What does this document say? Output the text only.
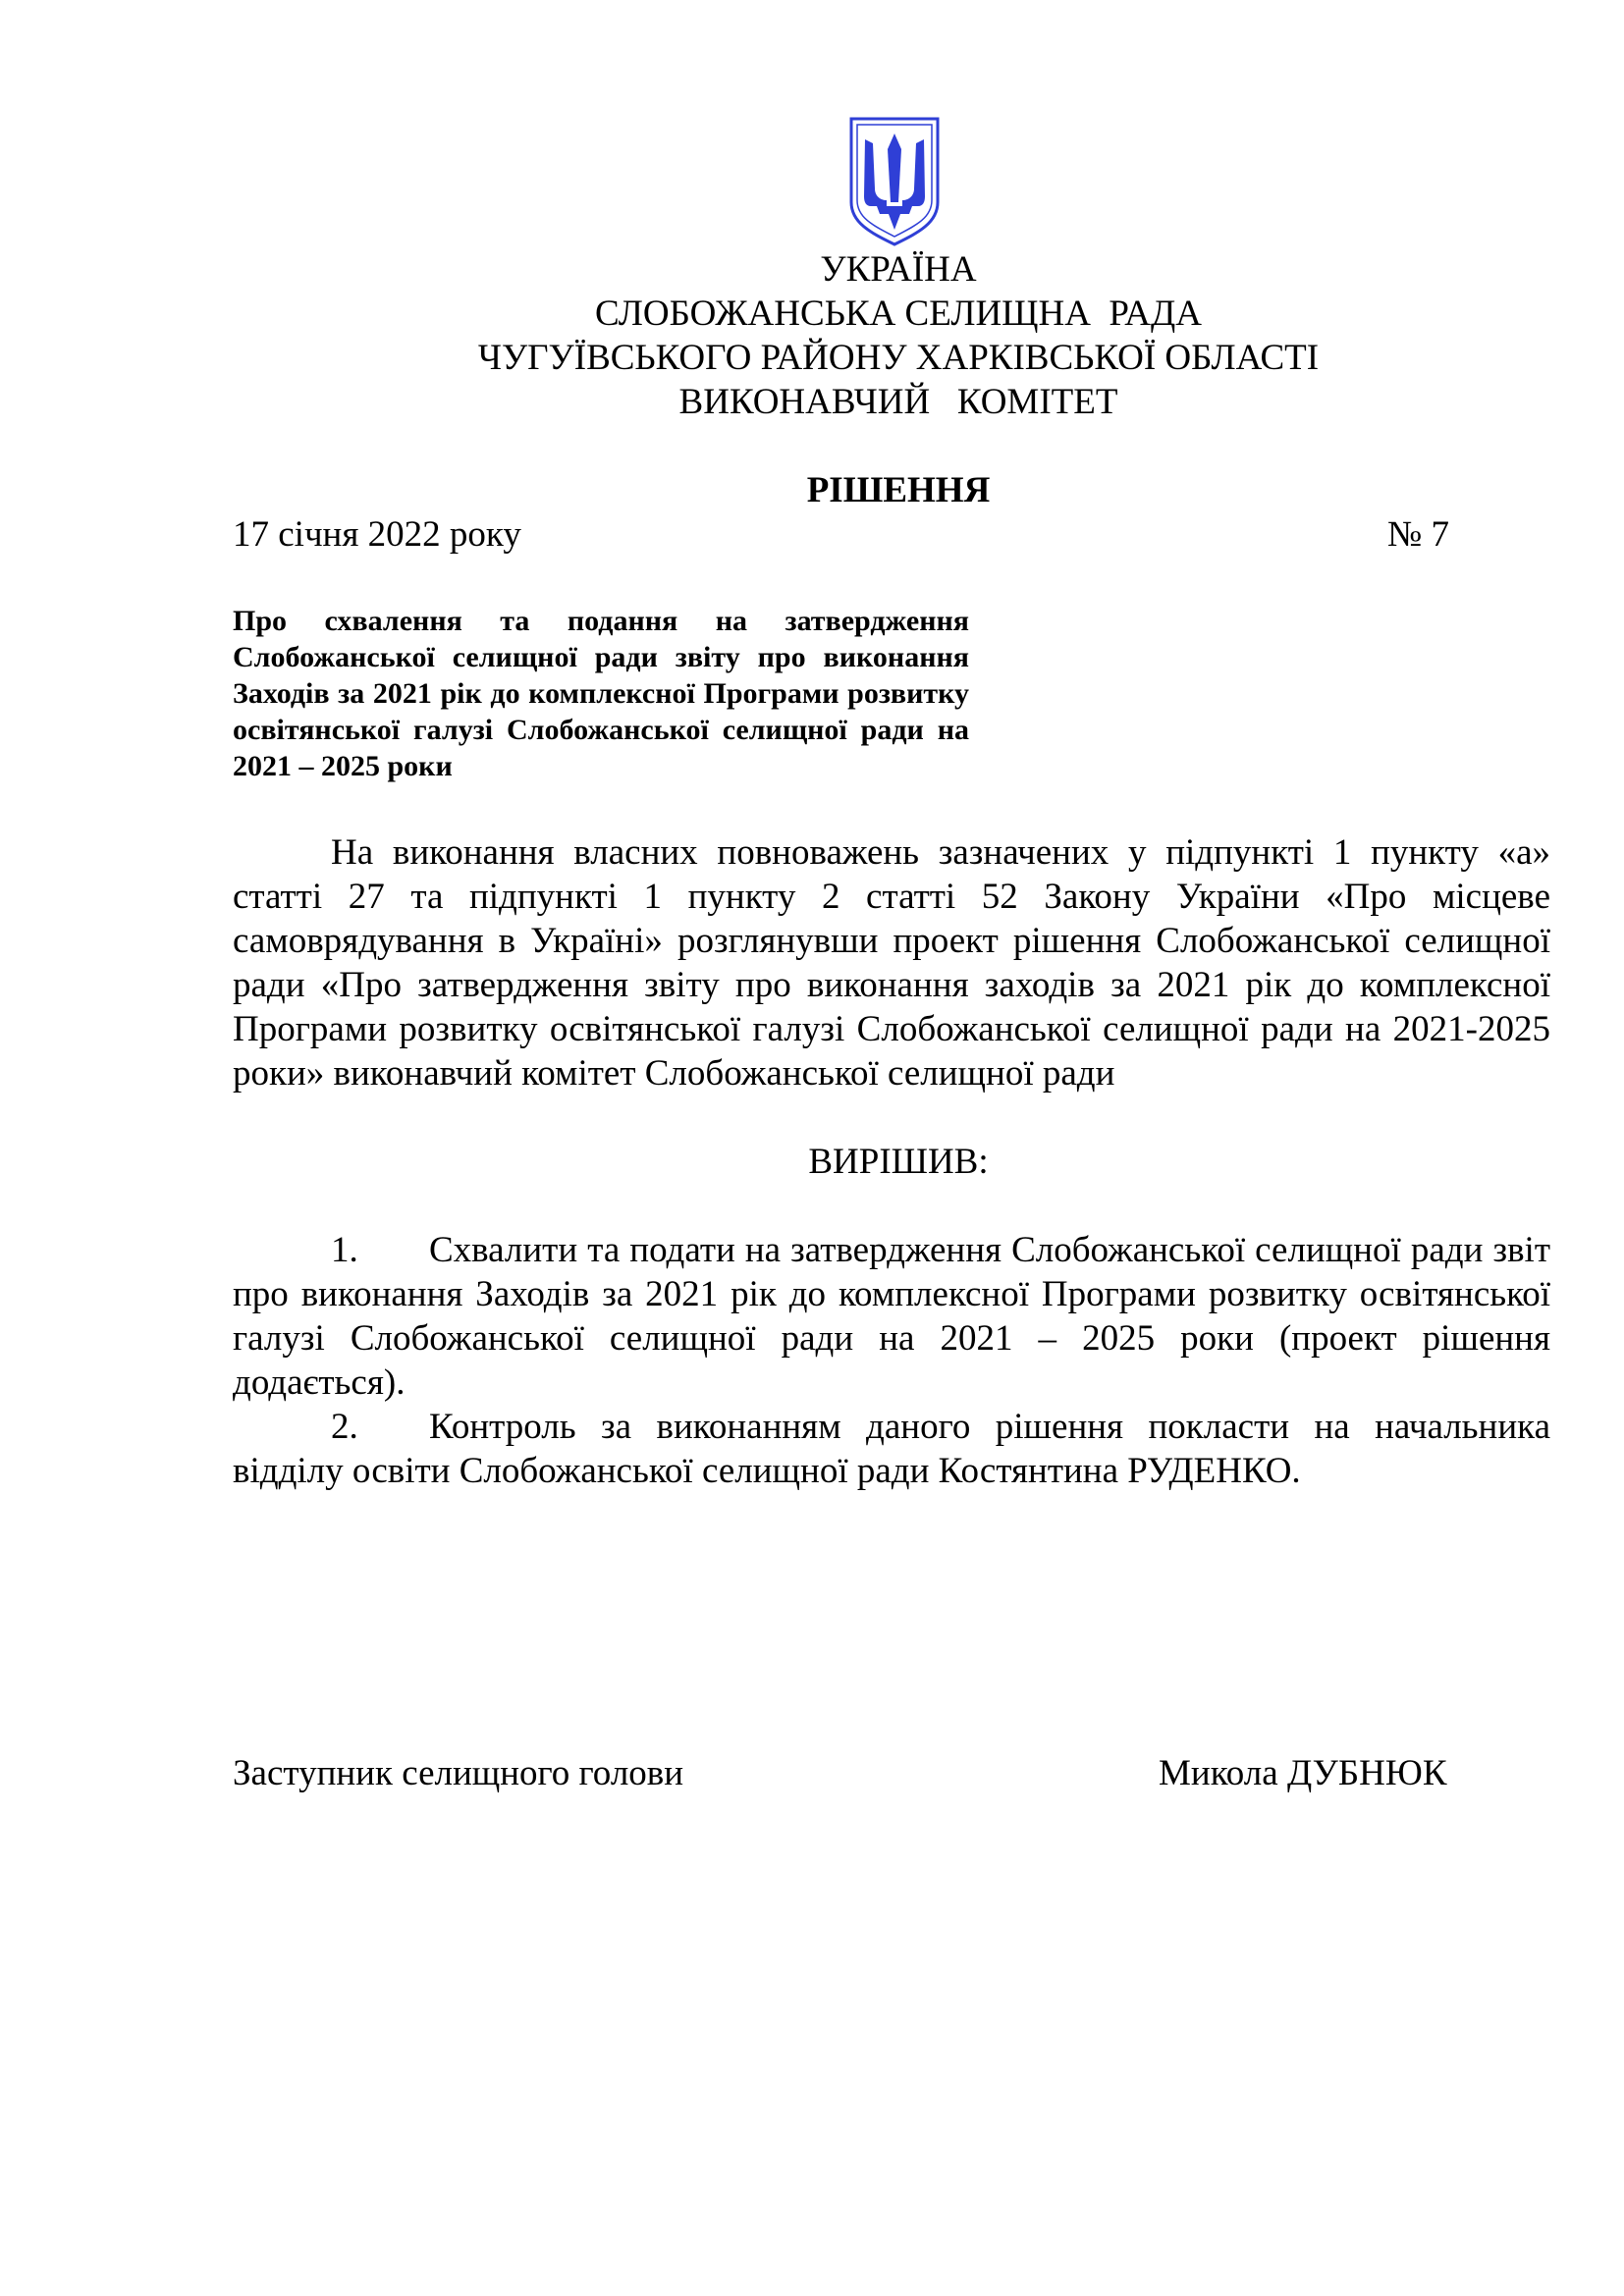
УКРАЇНА
СЛОБОЖАНСЬКА СЕЛИЩНА  РАДА
ЧУГУЇВСЬКОГО РАЙОНУ ХАРКІВСЬКОЇ ОБЛАСТІ
ВИКОНАВЧИЙ   КОМІТЕТ
РІШЕННЯ
17 січня 2022 року	№ 7
Про схвалення та подання на затвердження Слобожанської селищної ради звіту про виконання Заходів за 2021 рік до комплексної Програми розвитку освітянської галузі Слобожанської селищної ради на 2021 – 2025 роки

На виконання власних повноважень зазначених у підпункті 1 пункту «а» статті 27 та підпункті 1 пункту 2 статті 52 Закону України «Про місцеве самоврядування в Україні» розглянувши проект рішення Слобожанської селищної ради «Про затвердження звіту про виконання заходів за 2021 рік до комплексної Програми розвитку освітянської галузі Слобожанської селищної ради на 2021-2025 роки» виконавчий комітет Слобожанської селищної ради

ВИРІШИВ:

1. Схвалити та подати на затвердження Слобожанської селищної ради звіт про виконання Заходів за 2021 рік до комплексної Програми розвитку освітянської галузі Слобожанської селищної ради на 2021 – 2025 роки (проект рішення додається).

2. Контроль за виконанням даного рішення покласти на начальника відділу освіти Слобожанської селищної ради Костянтина РУДЕНКО.

Заступник селищного голови	Микола ДУБНЮК
